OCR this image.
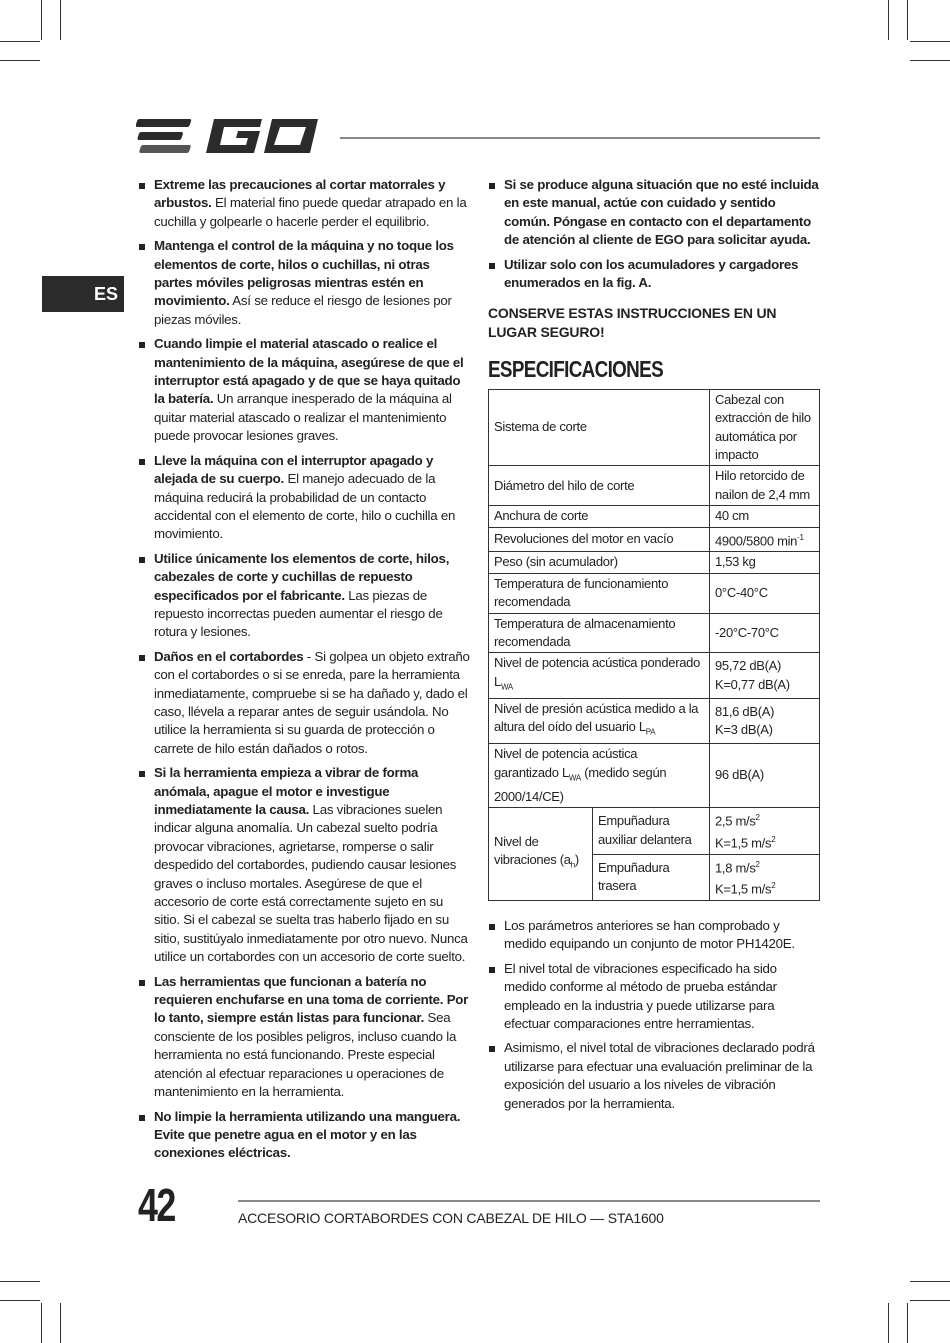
ES
Extreme las precauciones al cortar matorrales y arbustos. El material fino puede quedar atrapado en la cuchilla y golpearle o hacerle perder el equilibrio.
Mantenga el control de la máquina y no toque los elementos de corte, hilos o cuchillas, ni otras partes móviles peligrosas mientras estén en movimiento. Así se reduce el riesgo de lesiones por piezas móviles.
Cuando limpie el material atascado o realice el mantenimiento de la máquina, asegúrese de que el interruptor está apagado y de que se haya quitado la batería. Un arranque inesperado de la máquina al quitar material atascado o realizar el mantenimiento puede provocar lesiones graves.
Lleve la máquina con el interruptor apagado y alejada de su cuerpo. El manejo adecuado de la máquina reducirá la probabilidad de un contacto accidental con el elemento de corte, hilo o cuchilla en movimiento.
Utilice únicamente los elementos de corte, hilos, cabezales de corte y cuchillas de repuesto especificados por el fabricante. Las piezas de repuesto incorrectas pueden aumentar el riesgo de rotura y lesiones.
Daños en el cortabordes - Si golpea un objeto extraño con el cortabordes o si se enreda, pare la herramienta inmediatamente, compruebe si se ha dañado y, dado el caso, llévela a reparar antes de seguir usándola. No utilice la herramienta si su guarda de protección o carrete de hilo están dañados o rotos.
Si la herramienta empieza a vibrar de forma anómala, apague el motor e investigue inmediatamente la causa. Las vibraciones suelen indicar alguna anomalía. Un cabezal suelto podría provocar vibraciones, agrietarse, romperse o salir despedido del cortabordes, pudiendo causar lesiones graves o incluso mortales. Asegúrese de que el accesorio de corte está correctamente sujeto en su sitio. Si el cabezal se suelta tras haberlo fijado en su sitio, sustitúyalo inmediatamente por otro nuevo. Nunca utilice un cortabordes con un accesorio de corte suelto.
Las herramientas que funcionan a batería no requieren enchufarse en una toma de corriente. Por lo tanto, siempre están listas para funcionar. Sea consciente de los posibles peligros, incluso cuando la herramienta no está funcionando. Preste especial atención al efectuar reparaciones u operaciones de mantenimiento en la herramienta.
No limpie la herramienta utilizando una manguera. Evite que penetre agua en el motor y en las conexiones eléctricas.
Si se produce alguna situación que no esté incluida en este manual, actúe con cuidado y sentido común. Póngase en contacto con el departamento de atención al cliente de EGO para solicitar ayuda.
Utilizar solo con los acumuladores y cargadores enumerados en la fig. A.
CONSERVE ESTAS INSTRUCCIONES EN UN LUGAR SEGURO!
ESPECIFICACIONES
Sistema de corte		Cabezal con extracción de hilo automática por impacto
Diámetro del hilo de corte		Hilo retorcido de nailon de 2,4 mm
Anchura de corte		40 cm
Revoluciones del motor en vacío		4900/5800 $\min^{-1}$
Peso (sin acumulador)		1,53 kg
Temperatura de funcionamiento recomendada		0°C-40°C
Temperatura de almacenamiento recomendada		-20°C-70°C
Nivel de potencia acústica ponderado $L_{WA}$		95,72 dB(A)
K=0,77 dB(A)

Nivel de presión acústica medido a la altura del oído del usuario $L_{PA}$		81,6 dB(A)
K=3 dB(A)

Nivel de potencia acústica garantizado $L_{WA}$ (medido según 2000/14/CE)		96 dB(A)
Nivel de vibraciones $(a_h)$	Empuñadura auxiliar delantera	2,5 $m/s^2$
K=1,5 $m/s^2$

	Empuñadura trasera	1,8 $m/s^2$
K=1,5 $m/s^2$
Los parámetros anteriores se han comprobado y medido equipando un conjunto de motor PH1420E.
El nivel total de vibraciones especificado ha sido medido conforme al método de prueba estándar empleado en la industria y puede utilizarse para efectuar comparaciones entre herramientas.
Asimismo, el nivel total de vibraciones declarado podrá utilizarse para efectuar una evaluación preliminar de la exposición del usuario a los niveles de vibración generados por la herramienta.
42	ACCESORIO CORTABORDES CON CABEZAL DE HILO — STA1600
